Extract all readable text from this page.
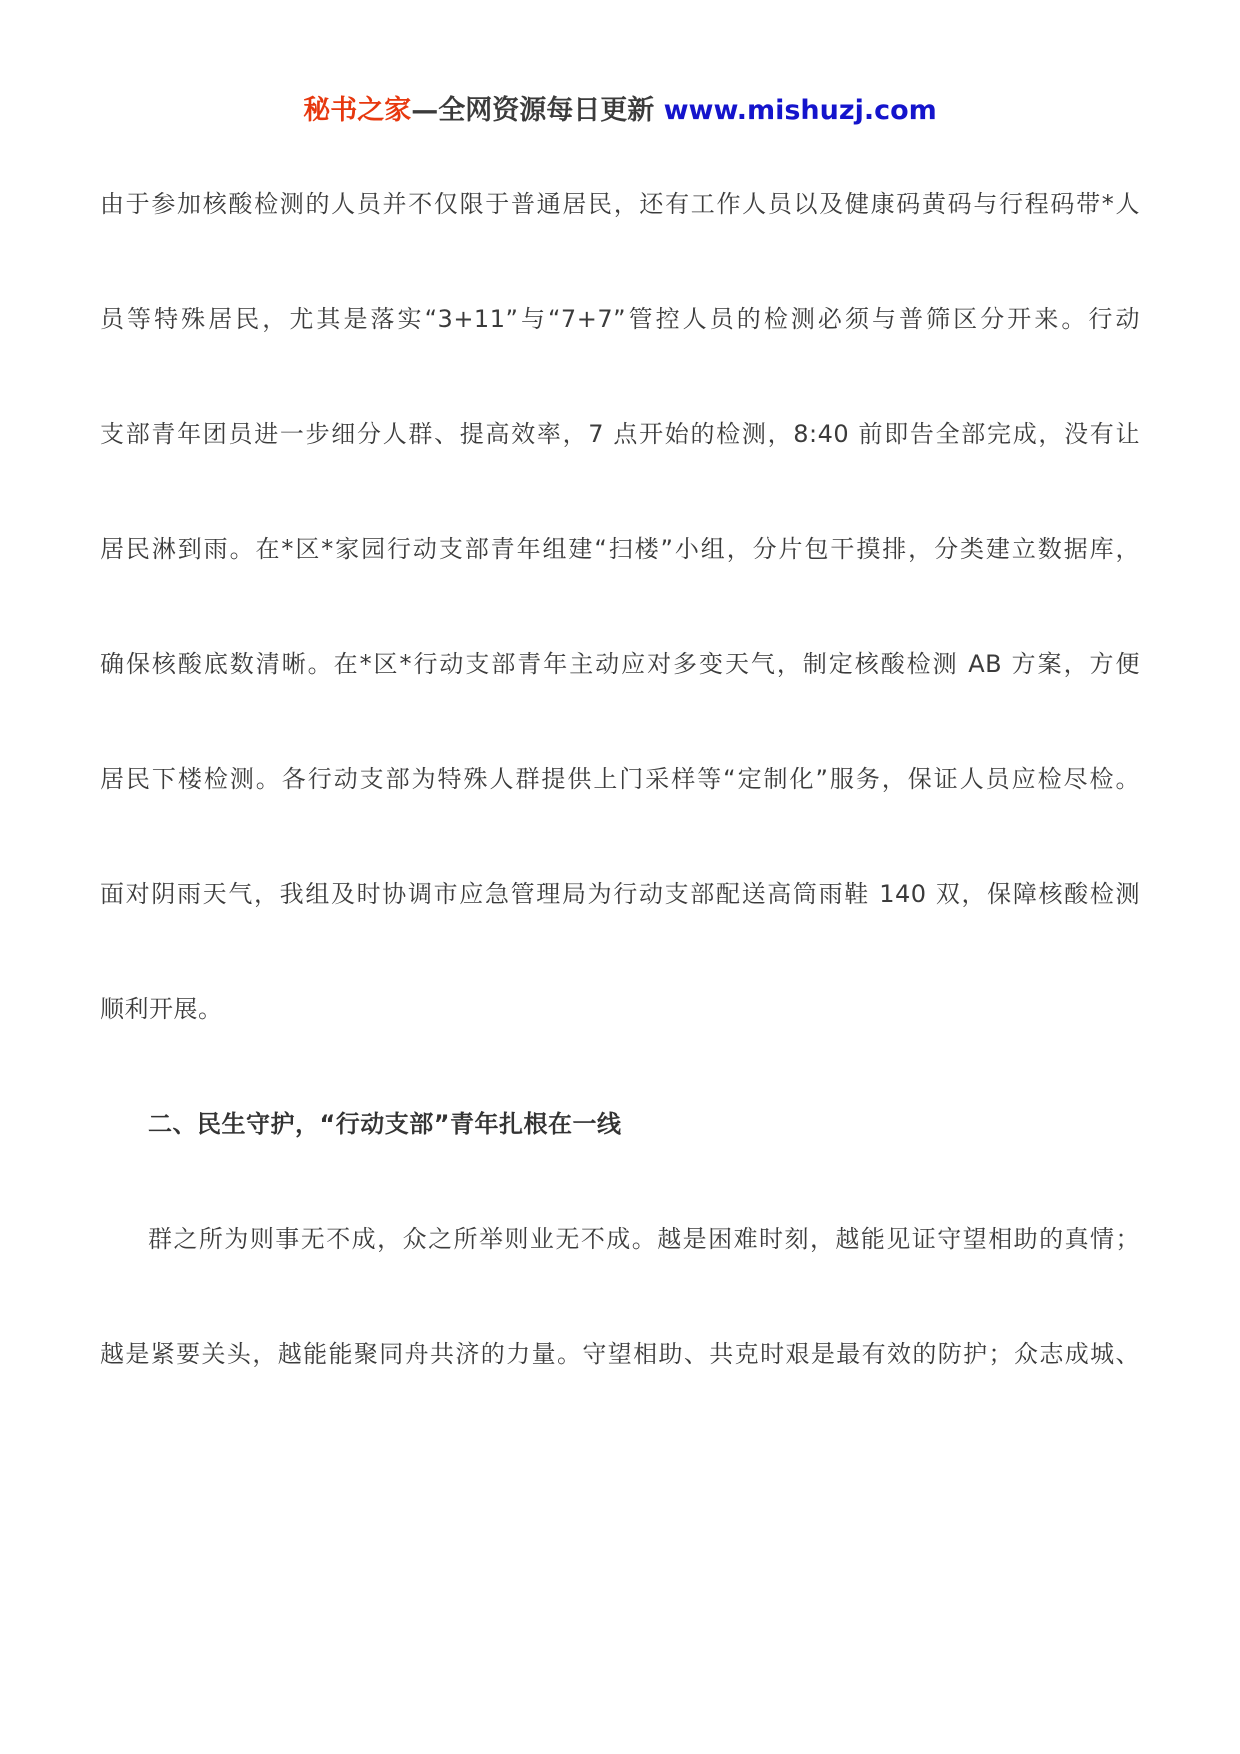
秘书之家—全网资源每日更新 www.mishuzj.com
由于参加核酸检测的人员并不仅限于普通居民，还有工作人员以及健康码黄码与行程码带*人
员等特殊居民，尤其是落实“3+11”与“7+7”管控人员的检测必须与普筛区分开来。行动
支部青年团员进一步细分人群、提高效率，7 点开始的检测，8:40 前即告全部完成，没有让
居民淋到雨。在*区*家园行动支部青年组建“扫楼”小组，分片包干摸排，分类建立数据库，
确保核酸底数清晰。在*区*行动支部青年主动应对多变天气，制定核酸检测 AB 方案，方便
居民下楼检测。各行动支部为特殊人群提供上门采样等“定制化”服务，保证人员应检尽检。
面对阴雨天气，我组及时协调市应急管理局为行动支部配送高筒雨鞋 140 双，保障核酸检测
顺利开展。
二、民生守护，“行动支部”青年扎根在一线
群之所为则事无不成，众之所举则业无不成。越是困难时刻，越能见证守望相助的真情；
越是紧要关头，越能能聚同舟共济的力量。守望相助、共克时艰是最有效的防护；众志成城、
